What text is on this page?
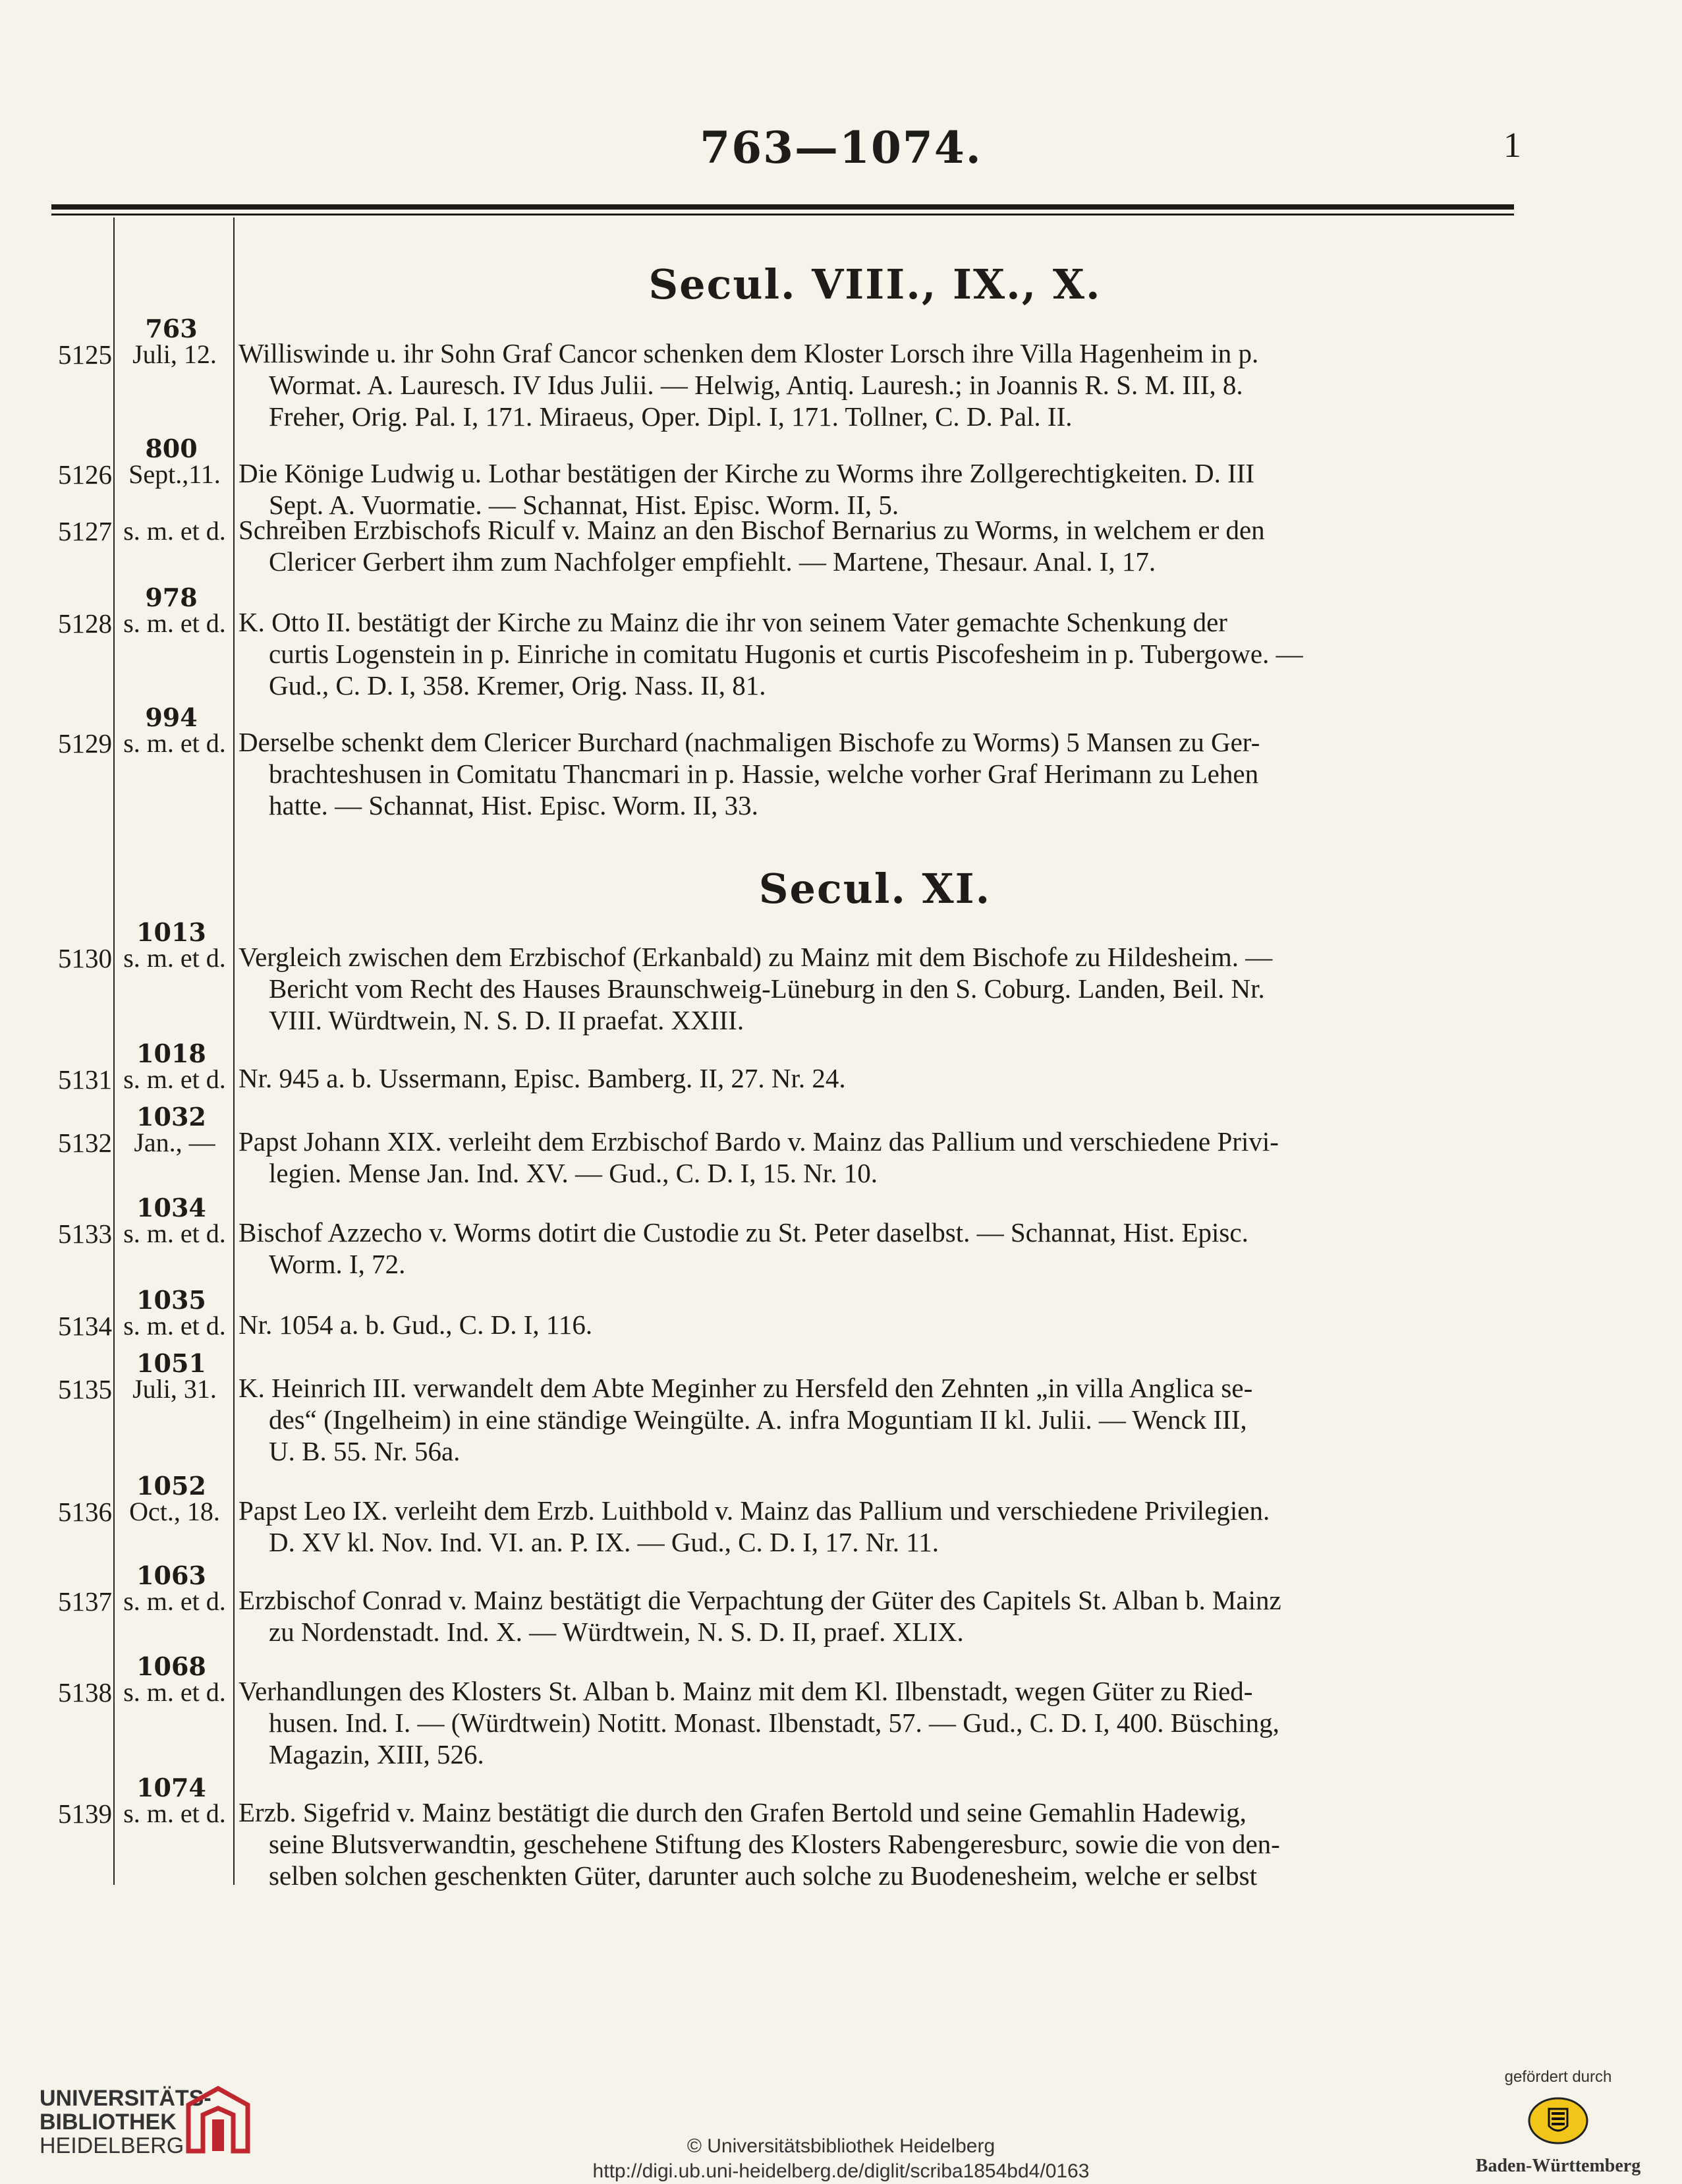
763—1074.	1
Secul. VIII., IX., X.
Secul. XI.
763
5125 Juli, 12. Williswinde u. ihr Sohn Graf Cancor schenken dem Kloster Lorsch ihre Villa Hagenheim in p.
Wormat. A. Lauresch. IV Idus Julii. — Helwig, Antiq. Lauresh.; in Joannis R. S. M. III, 8.
Freher, Orig. Pal. I, 171. Miraeus, Oper. Dipl. I, 171. Tollner, C. D. Pal. II.
800
5126 Sept.,11. Die Könige Ludwig u. Lothar bestätigen der Kirche zu Worms ihre Zollgerechtigkeiten. D. III
Sept. A. Vuormatie. — Schannat, Hist. Episc. Worm. II, 5.
5127 s. m. et d. Schreiben Erzbischofs Riculf v. Mainz an den Bischof Bernarius zu Worms, in welchem er den
Clericer Gerbert ihm zum Nachfolger empfiehlt. — Martene, Thesaur. Anal. I, 17.
978
5128 s. m. et d. K. Otto II. bestätigt der Kirche zu Mainz die ihr von seinem Vater gemachte Schenkung der
curtis Logenstein in p. Einriche in comitatu Hugonis et curtis Piscofesheim in p. Tubergowe. —
Gud., C. D. I, 358. Kremer, Orig. Nass. II, 81.
994
5129 s. m. et d. Derselbe schenkt dem Clericer Burchard (nachmaligen Bischofe zu Worms) 5 Mansen zu Ger-
brachteshusen in Comitatu Thancmari in p. Hassie, welche vorher Graf Herimann zu Lehen
hatte. — Schannat, Hist. Episc. Worm. II, 33.
1013
5130 s. m. et d. Vergleich zwischen dem Erzbischof (Erkanbald) zu Mainz mit dem Bischofe zu Hildesheim. —
Bericht vom Recht des Hauses Braunschweig-Lüneburg in den S. Coburg. Landen, Beil. Nr.
VIII. Würdtwein, N. S. D. II praefat. XXIII.
1018
5131 s. m. et d. Nr. 945 a. b. Ussermann, Episc. Bamberg. II, 27. Nr. 24.
1032
5132 Jan., — Papst Johann XIX. verleiht dem Erzbischof Bardo v. Mainz das Pallium und verschiedene Privi-
legien. Mense Jan. Ind. XV. — Gud., C. D. I, 15. Nr. 10.
1034
5133 s. m. et d. Bischof Azzecho v. Worms dotirt die Custodie zu St. Peter daselbst. — Schannat, Hist. Episc.
Worm. I, 72.
1035
5134 s. m. et d. Nr. 1054 a. b. Gud., C. D. I, 116.
1051
5135 Juli, 31. K. Heinrich III. verwandelt dem Abte Meginher zu Hersfeld den Zehnten „in villa Anglica se-
des“ (Ingelheim) in eine ständige Weingülte. A. infra Moguntiam II kl. Julii. — Wenck III,
U. B. 55. Nr. 56a.
1052
5136 Oct., 18. Papst Leo IX. verleiht dem Erzb. Luithbold v. Mainz das Pallium und verschiedene Privilegien.
D. XV kl. Nov. Ind. VI. an. P. IX. — Gud., C. D. I, 17. Nr. 11.
1063
5137 s. m. et d. Erzbischof Conrad v. Mainz bestätigt die Verpachtung der Güter des Capitels St. Alban b. Mainz
zu Nordenstadt. Ind. X. — Würdtwein, N. S. D. II, praef. XLIX.
1068
5138 s. m. et d. Verhandlungen des Klosters St. Alban b. Mainz mit dem Kl. Ilbenstadt, wegen Güter zu Ried-
husen. Ind. I. — (Würdtwein) Notitt. Monast. Ilbenstadt, 57. — Gud., C. D. I, 400. Büsching,
Magazin, XIII, 526.
1074
5139 s. m. et d. Erzb. Sigefrid v. Mainz bestätigt die durch den Grafen Bertold und seine Gemahlin Hadewig,
seine Blutsverwandtin, geschehene Stiftung des Klosters Rabengeresburc, sowie die von den-
selben solchen geschenkten Güter, darunter auch solche zu Buodenesheim, welche er selbst
UNIVERSITÄTS-
BIBLIOTHEK
HEIDELBERG	© Universitätsbibliothek Heidelberg
http://digi.ub.uni-heidelberg.de/diglit/scriba1854bd4/0163
gefördert durch
Baden-Württemberg
